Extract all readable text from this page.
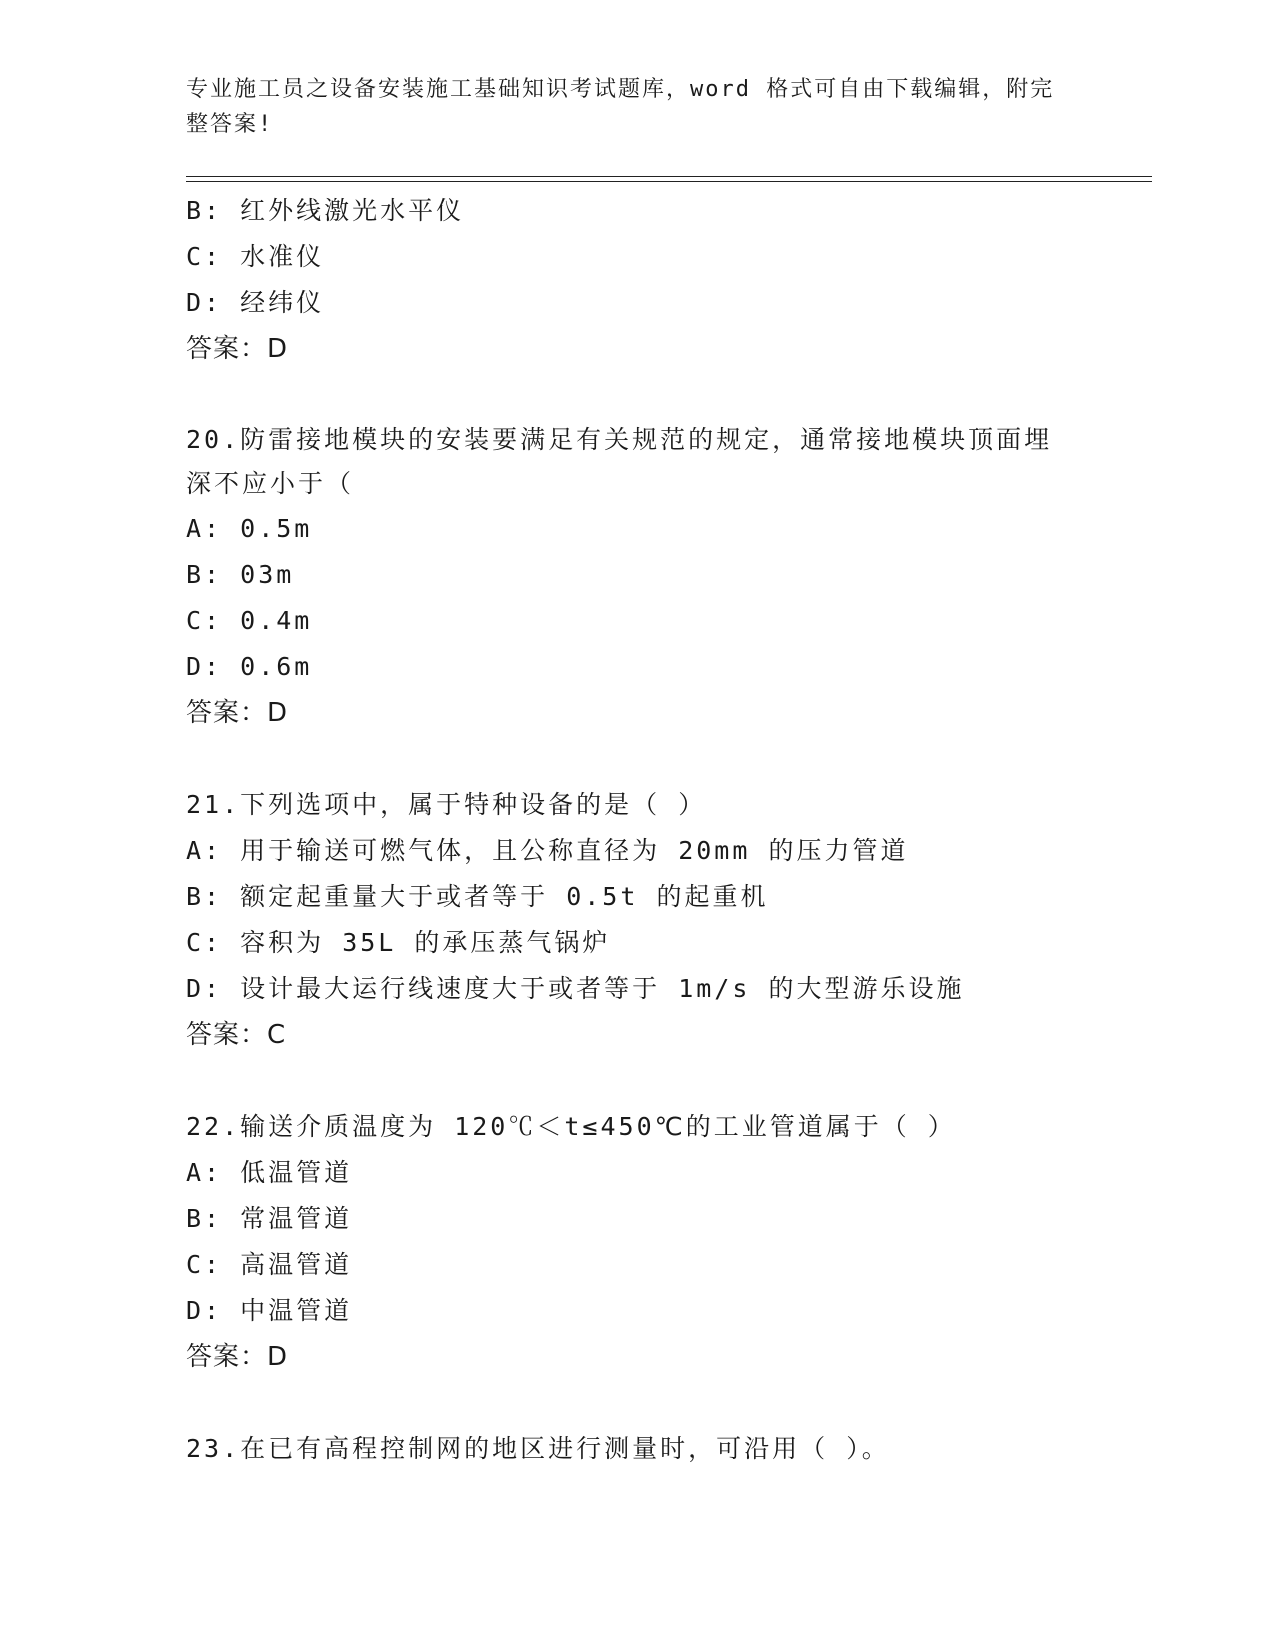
专业施工员之设备安装施工基础知识考试题库，word 格式可自由下载编辑，附完整答案!
B: 红外线激光水平仪
C: 水准仪
D: 经纬仪
答案：D
20.防雷接地模块的安装要满足有关规范的规定，通常接地模块顶面埋
深不应小于（
A: 0.5m
B: 03m
C: 0.4m
D: 0.6m
答案：D
21.下列选项中，属于特种设备的是（ ）
A: 用于输送可燃气体，且公称直径为 20mm 的压力管道
B: 额定起重量大于或者等于 0.5t 的起重机
C: 容积为 35L 的承压蒸气锅炉
D: 设计最大运行线速度大于或者等于 1m/s 的大型游乐设施
答案：C
22.输送介质温度为 120℃＜t≤450℃的工业管道属于（ ）
A: 低温管道
B: 常温管道
C: 高温管道
D: 中温管道
答案：D
23.在已有高程控制网的地区进行测量时，可沿用（ ）。
